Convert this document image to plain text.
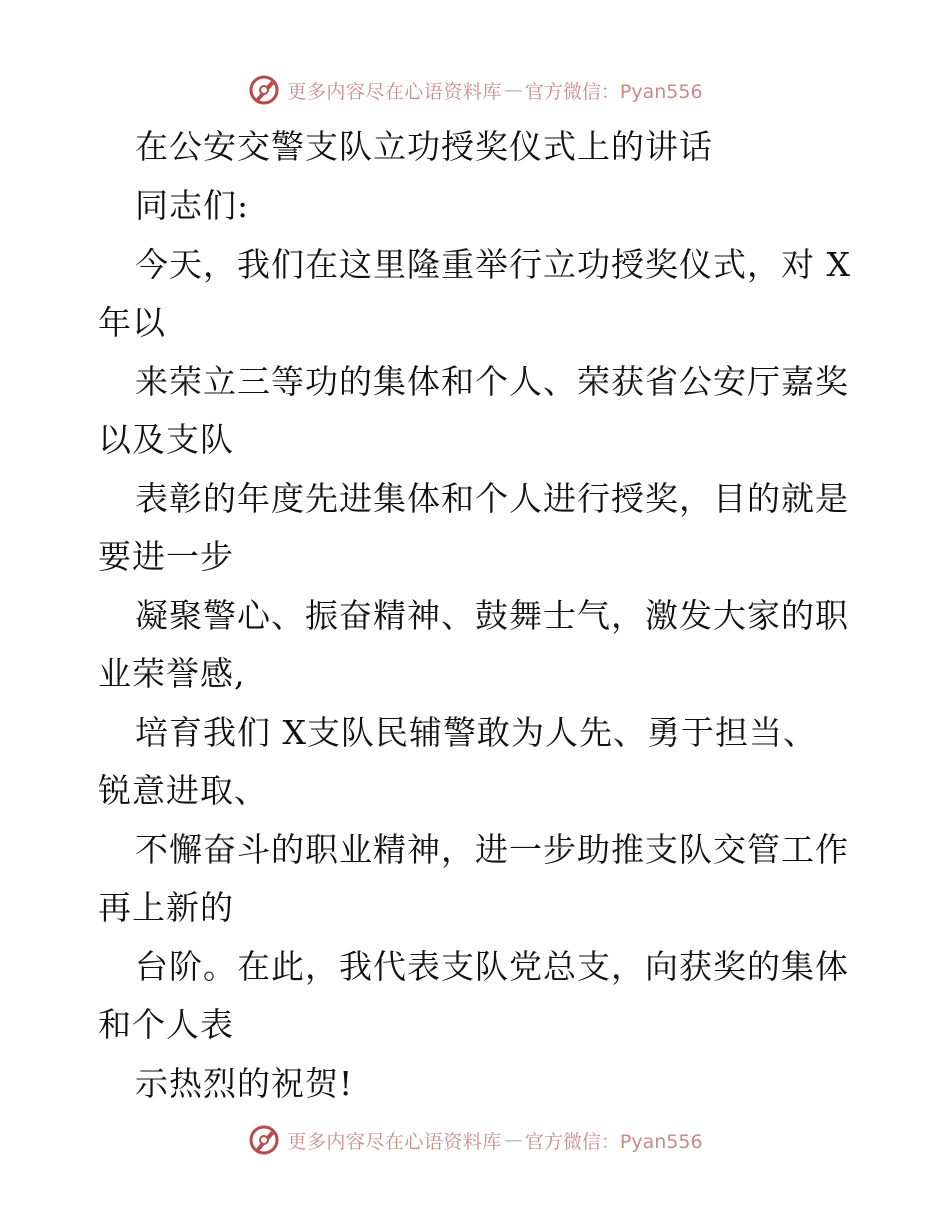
更多内容尽在心语资料库 — 官方微信：Pyan556
在公安交警支队立功授奖仪式上的讲话
同志们:
今天，我们在这里隆重举行立功授奖仪式，对 X
年以
来荣立三等功的集体和个人、荣获省公安厅嘉奖
以及支队
表彰的年度先进集体和个人进行授奖，目的就是
要进一步
凝聚警心、振奋精神、鼓舞士气，激发大家的职
业荣誉感,
培育我们 X支队民辅警敢为人先、勇于担当、
锐意进取、
不懈奋斗的职业精神，进一步助推支队交管工作
再上新的
台阶。在此，我代表支队党总支，向获奖的集体
和个人表
示热烈的祝贺!
更多内容尽在心语资料库 — 官方微信：Pyan556
